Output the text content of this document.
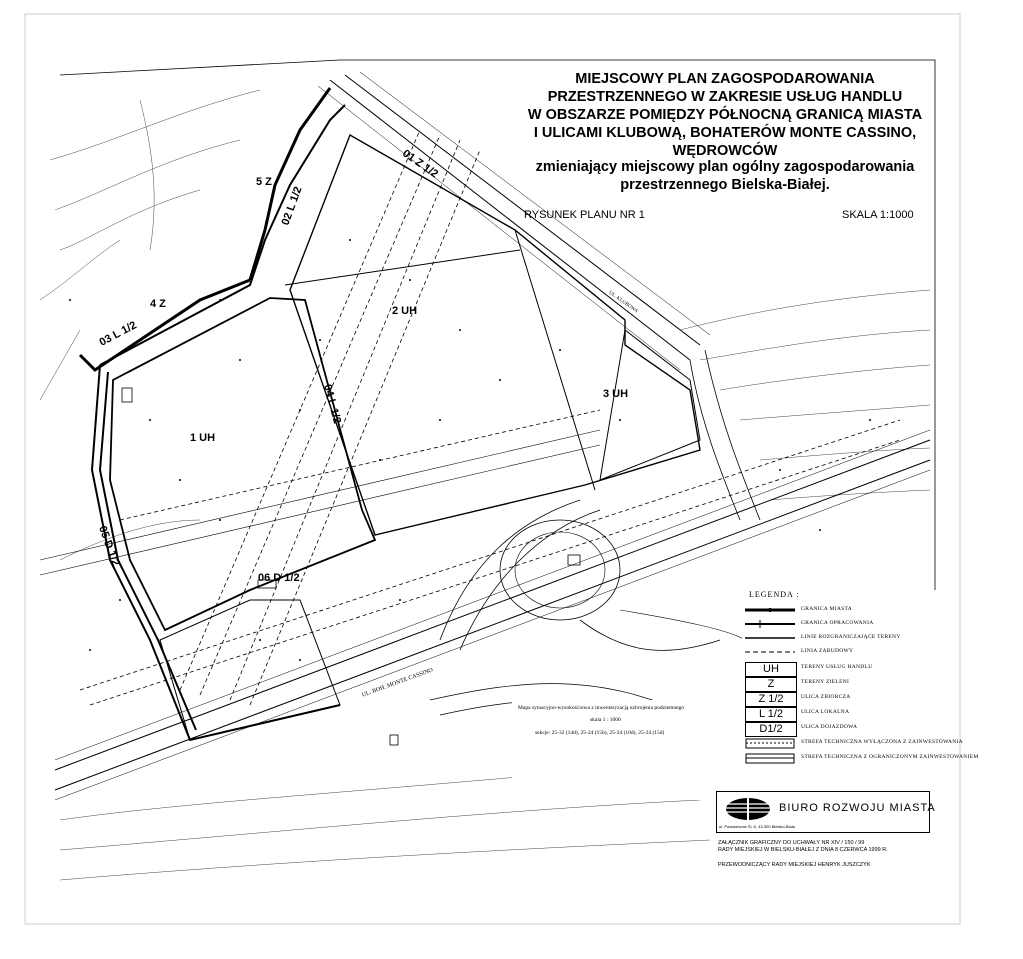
MIEJSCOWY PLAN ZAGOSPODAROWANIA
PRZESTRZENNEGO W ZAKRESIE USŁUG HANDLU
W OBSZARZE POMIĘDZY PÓŁNOCNĄ GRANICĄ MIASTA
I ULICAMI KLUBOWĄ, BOHATERÓW MONTE CASSINO,
WĘDROWCÓW
zmieniający miejscowy plan ogólny zagospodarowania
przestrzennego Bielska-Białej.
RYSUNEK PLANU NR 1	SKALA 1:1000
1 UH
2 UH
3 UH
4 Z
5 Z
01 Z 1/2
02 L 1/2
03 L 1/2
04 L 1/2
05 D 1/2
06 D 1/2
UL. BOH. MONTE CASSINO
UL. KLUBOWA
LEGENDA :
GRANICA MIASTA
GRANICA OPRACOWANIA
LINIE ROZGRANICZAJĄCE TERENY
LINIA ZABUDOWY
UH	TERENY USŁUG HANDLU
Z	TERENY ZIELENI
Z 1/2	ULICA ZBIORCZA
L 1/2	ULICA LOKALNA
D1/2	ULICA DOJAZDOWA
STREFA TECHNICZNA WYŁĄCZONA Z ZAINWESTOWANIA
STREFA TECHNICZNA Z OGRANICZONYM ZAINWESTOWANIEM
Mapa sytuacyjno-wysokościowa z inwentaryzacją uzbrojenia podziemnego
skala 1 : 1000
sekcje: 25-32 (14d), 25-24 (15b), 25-24 (10d), 25-24 (15d)
BIURO ROZWOJU MIASTA
ul. Powstańców Śl. 6, 43-300 Bielsko-Biała
ZAŁĄCZNIK GRAFICZNY DO UCHWAŁY NR XIV / 150 / 99
RADY MIEJSKIEJ W BIELSKU-BIAŁEJ Z DNIA 8 CZERWCA 1999 R.
PRZEWODNICZĄCY RADY MIEJSKIEJ HENRYK JUSZCZYK
